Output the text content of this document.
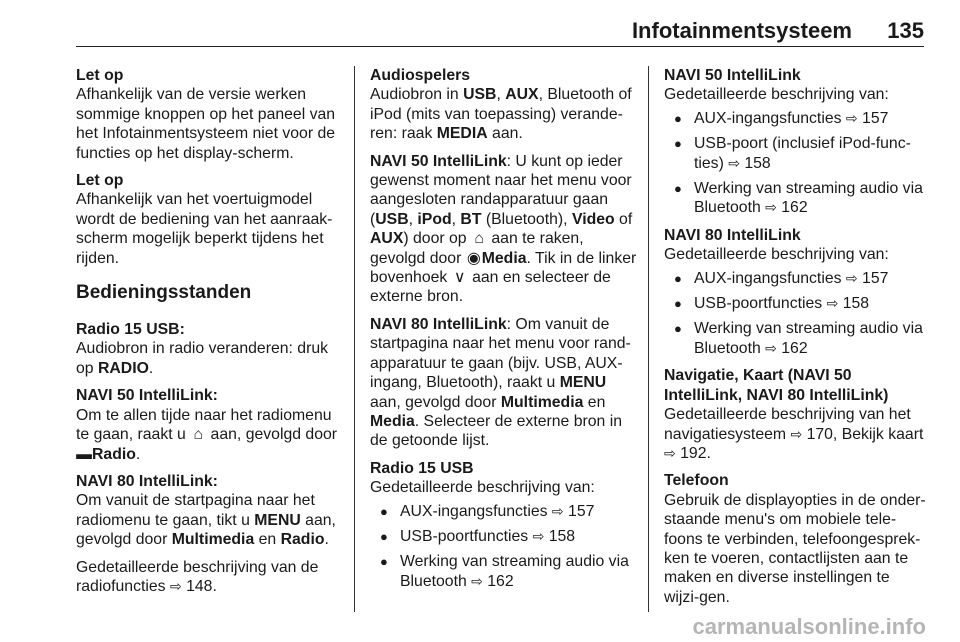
Infotainmentsysteem 135
Let op
Afhankelijk van de versie werken sommige knoppen op het paneel van het Infotainmentsysteem niet voor de functies op het display-scherm.
Let op
Afhankelijk van het voertuigmodel wordt de bediening van het aanraak-scherm mogelijk beperkt tijdens het rijden.
Bedieningsstanden
Radio 15 USB:
Audiobron in radio veranderen: druk op RADIO.
NAVI 50 IntelliLink:
Om te allen tijde naar het radiomenu te gaan, raakt u ⌂ aan, gevolgd door ▬Radio.
NAVI 80 IntelliLink:
Om vanuit de startpagina naar het radiomenu te gaan, tikt u MENU aan, gevolgd door Multimedia en Radio.
Gedetailleerde beschrijving van de radiofuncties ⇨ 148.
Audiospelers
Audiobron in USB, AUX, Bluetooth of iPod (mits van toepassing) verande-ren: raak MEDIA aan.
NAVI 50 IntelliLink: U kunt op ieder gewenst moment naar het menu voor aangesloten randapparatuur gaan (USB, iPod, BT (Bluetooth), Video of AUX) door op ⌂ aan te raken, gevolgd door ◉Media. Tik in de linker bovenhoek ∨ aan en selecteer de externe bron.
NAVI 80 IntelliLink: Om vanuit de startpagina naar het menu voor rand-apparatuur te gaan (bijv. USB, AUX-ingang, Bluetooth), raakt u MENU aan, gevolgd door Multimedia en Media. Selecteer de externe bron in de getoonde lijst.
Radio 15 USB
Gedetailleerde beschrijving van:
● AUX-ingangsfuncties ⇨ 157
● USB-poortfuncties ⇨ 158
● Werking van streaming audio via Bluetooth ⇨ 162
NAVI 50 IntelliLink
Gedetailleerde beschrijving van:
● AUX-ingangsfuncties ⇨ 157
● USB-poort (inclusief iPod-func-ties) ⇨ 158
● Werking van streaming audio via Bluetooth ⇨ 162
NAVI 80 IntelliLink
Gedetailleerde beschrijving van:
● AUX-ingangsfuncties ⇨ 157
● USB-poortfuncties ⇨ 158
● Werking van streaming audio via Bluetooth ⇨ 162
Navigatie, Kaart (NAVI 50 IntelliLink, NAVI 80 IntelliLink)
Gedetailleerde beschrijving van het navigatiesysteem ⇨ 170, Bekijk kaart ⇨ 192.
Telefoon
Gebruik de displayopties in de onder-staande menu's om mobiele tele-foons te verbinden, telefoongesprek-ken te voeren, contactlijsten aan te maken en diverse instellingen te wijzi-gen.
carmanualsonline.info
